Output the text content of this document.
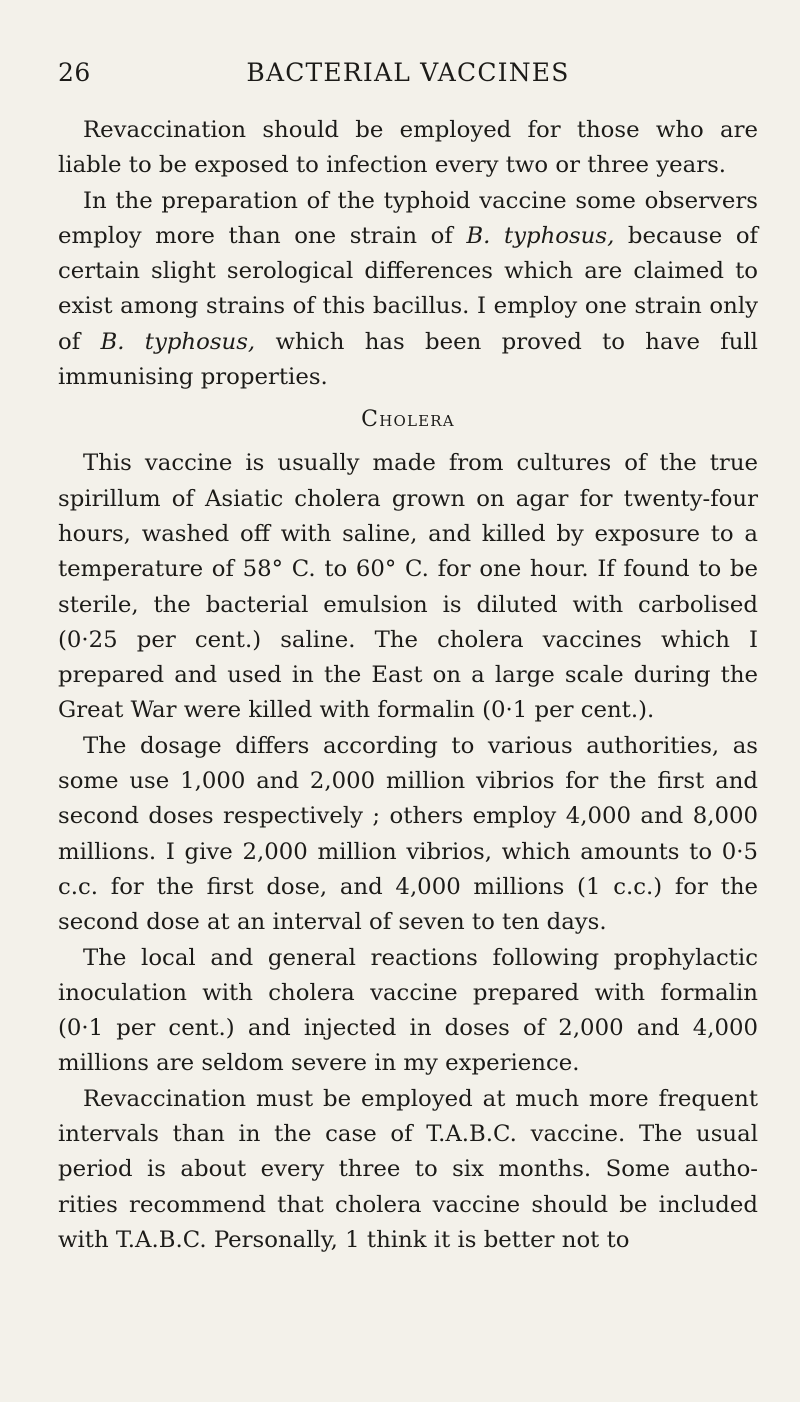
26	BACTERIAL VACCINES

Revaccination should be employed for those who are liable to be exposed to infection every two or three years.

In the preparation of the typhoid vaccine some observers employ more than one strain of B. typhosus, because of certain slight serological differences which are claimed to exist among strains of this bacillus. I employ one strain only of B. typhosus, which has been proved to have full immunising properties.

Cholera

This vaccine is usually made from cultures of the true spirillum of Asiatic cholera grown on agar for twenty-four hours, washed off with saline, and killed by exposure to a temperature of 58° C. to 60° C. for one hour. If found to be sterile, the bacterial emulsion is diluted with carbolised (0·25 per cent.) saline. The cholera vaccines which I prepared and used in the East on a large scale during the Great War were killed with formalin (0·1 per cent.).

The dosage differs according to various authorities, as some use 1,000 and 2,000 million vibrios for the first and second doses respectively ; others employ 4,000 and 8,000 millions. I give 2,000 million vibrios, which amounts to 0·5 c.c. for the first dose, and 4,000 millions (1 c.c.) for the second dose at an interval of seven to ten days.

The local and general reactions following prophylactic inoculation with cholera vaccine prepared with formalin (0·1 per cent.) and injected in doses of 2,000 and 4,000 millions are seldom severe in my experience.

Revaccination must be employed at much more frequent intervals than in the case of T.A.B.C. vaccine. The usual period is about every three to six months. Some autho- rities recommend that cholera vaccine should be included with T.A.B.C. Personally, 1 think it is better not to
